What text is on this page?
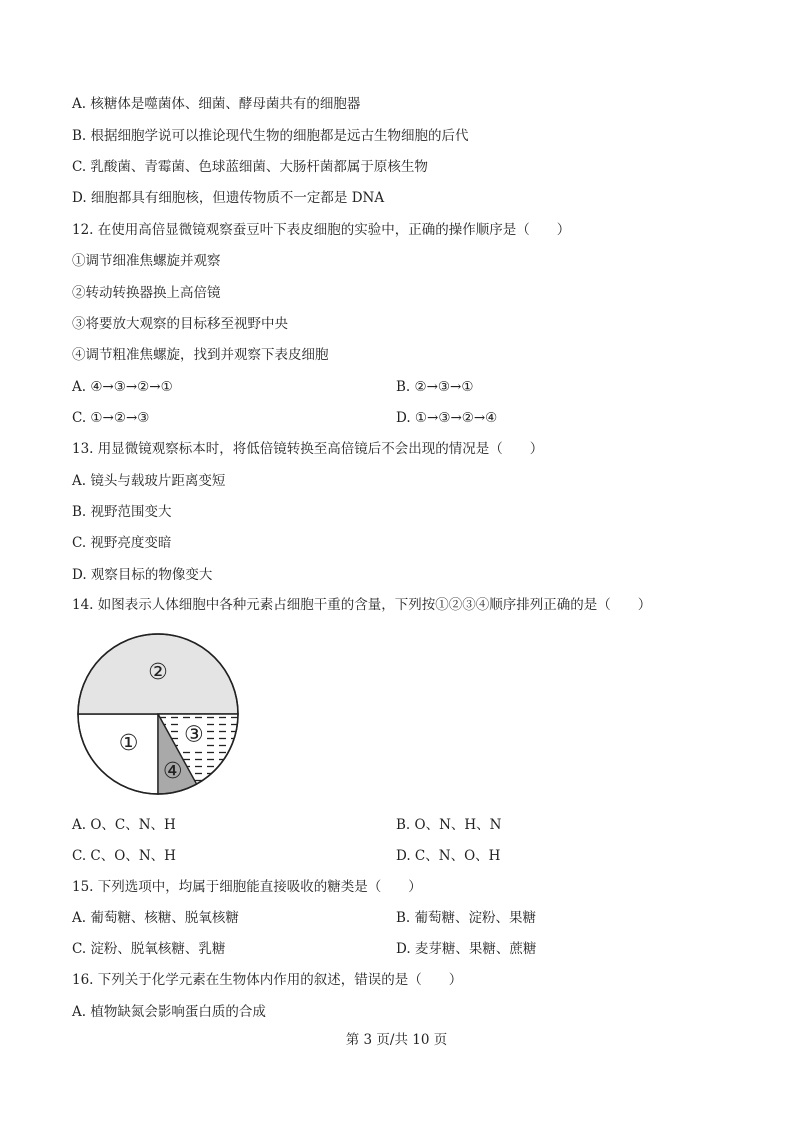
A. 核糖体是噬菌体、细菌、酵母菌共有的细胞器
B. 根据细胞学说可以推论现代生物的细胞都是远古生物细胞的后代
C. 乳酸菌、青霉菌、色球蓝细菌、大肠杆菌都属于原核生物
D. 细胞都具有细胞核，但遗传物质不一定都是 DNA
12. 在使用高倍显微镜观察蚕豆叶下表皮细胞的实验中，正确的操作顺序是（　　）
①调节细准焦螺旋并观察
②转动转换器换上高倍镜
③将要放大观察的目标移至视野中央
④调节粗准焦螺旋，找到并观察下表皮细胞
A. ④→③→②→①	B. ②→③→①
C. ①→②→③	D. ①→③→②→④
13. 用显微镜观察标本时，将低倍镜转换至高倍镜后不会出现的情况是（　　）
A. 镜头与载玻片距离变短
B. 视野范围变大
C. 视野亮度变暗
D. 观察目标的物像变大
14. 如图表示人体细胞中各种元素占细胞干重的含量，下列按①②③④顺序排列正确的是（　　）
①
②
③
④
A. O、C、N、H	B. O、N、H、N
C. C、O、N、H	D. C、N、O、H
15. 下列选项中，均属于细胞能直接吸收的糖类是（　　）
A. 葡萄糖、核糖、脱氧核糖	B. 葡萄糖、淀粉、果糖
C. 淀粉、脱氧核糖、乳糖	D. 麦芽糖、果糖、蔗糖
16. 下列关于化学元素在生物体内作用的叙述，错误的是（　　）
A. 植物缺氮会影响蛋白质的合成
第 3 页/共 10 页
